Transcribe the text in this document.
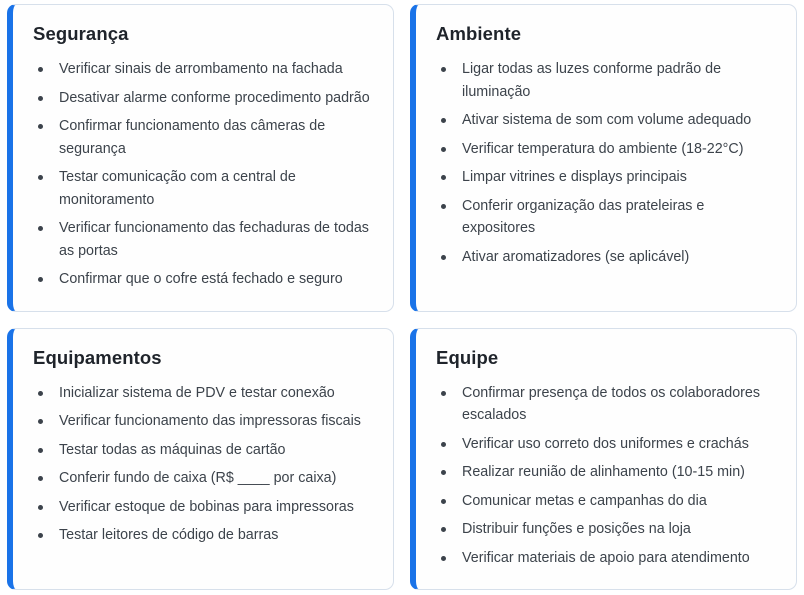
Segurança
Verificar sinais de arrombamento na fachada
Desativar alarme conforme procedimento padrão
Confirmar funcionamento das câmeras de segurança
Testar comunicação com a central de monitoramento
Verificar funcionamento das fechaduras de todas as portas
Confirmar que o cofre está fechado e seguro
Ambiente
Ligar todas as luzes conforme padrão de iluminação
Ativar sistema de som com volume adequado
Verificar temperatura do ambiente (18-22°C)
Limpar vitrines e displays principais
Conferir organização das prateleiras e expositores
Ativar aromatizadores (se aplicável)
Equipamentos
Inicializar sistema de PDV e testar conexão
Verificar funcionamento das impressoras fiscais
Testar todas as máquinas de cartão
Conferir fundo de caixa (R$ ____ por caixa)
Verificar estoque de bobinas para impressoras
Testar leitores de código de barras
Equipe
Confirmar presença de todos os colaboradores escalados
Verificar uso correto dos uniformes e crachás
Realizar reunião de alinhamento (10-15 min)
Comunicar metas e campanhas do dia
Distribuir funções e posições na loja
Verificar materiais de apoio para atendimento
